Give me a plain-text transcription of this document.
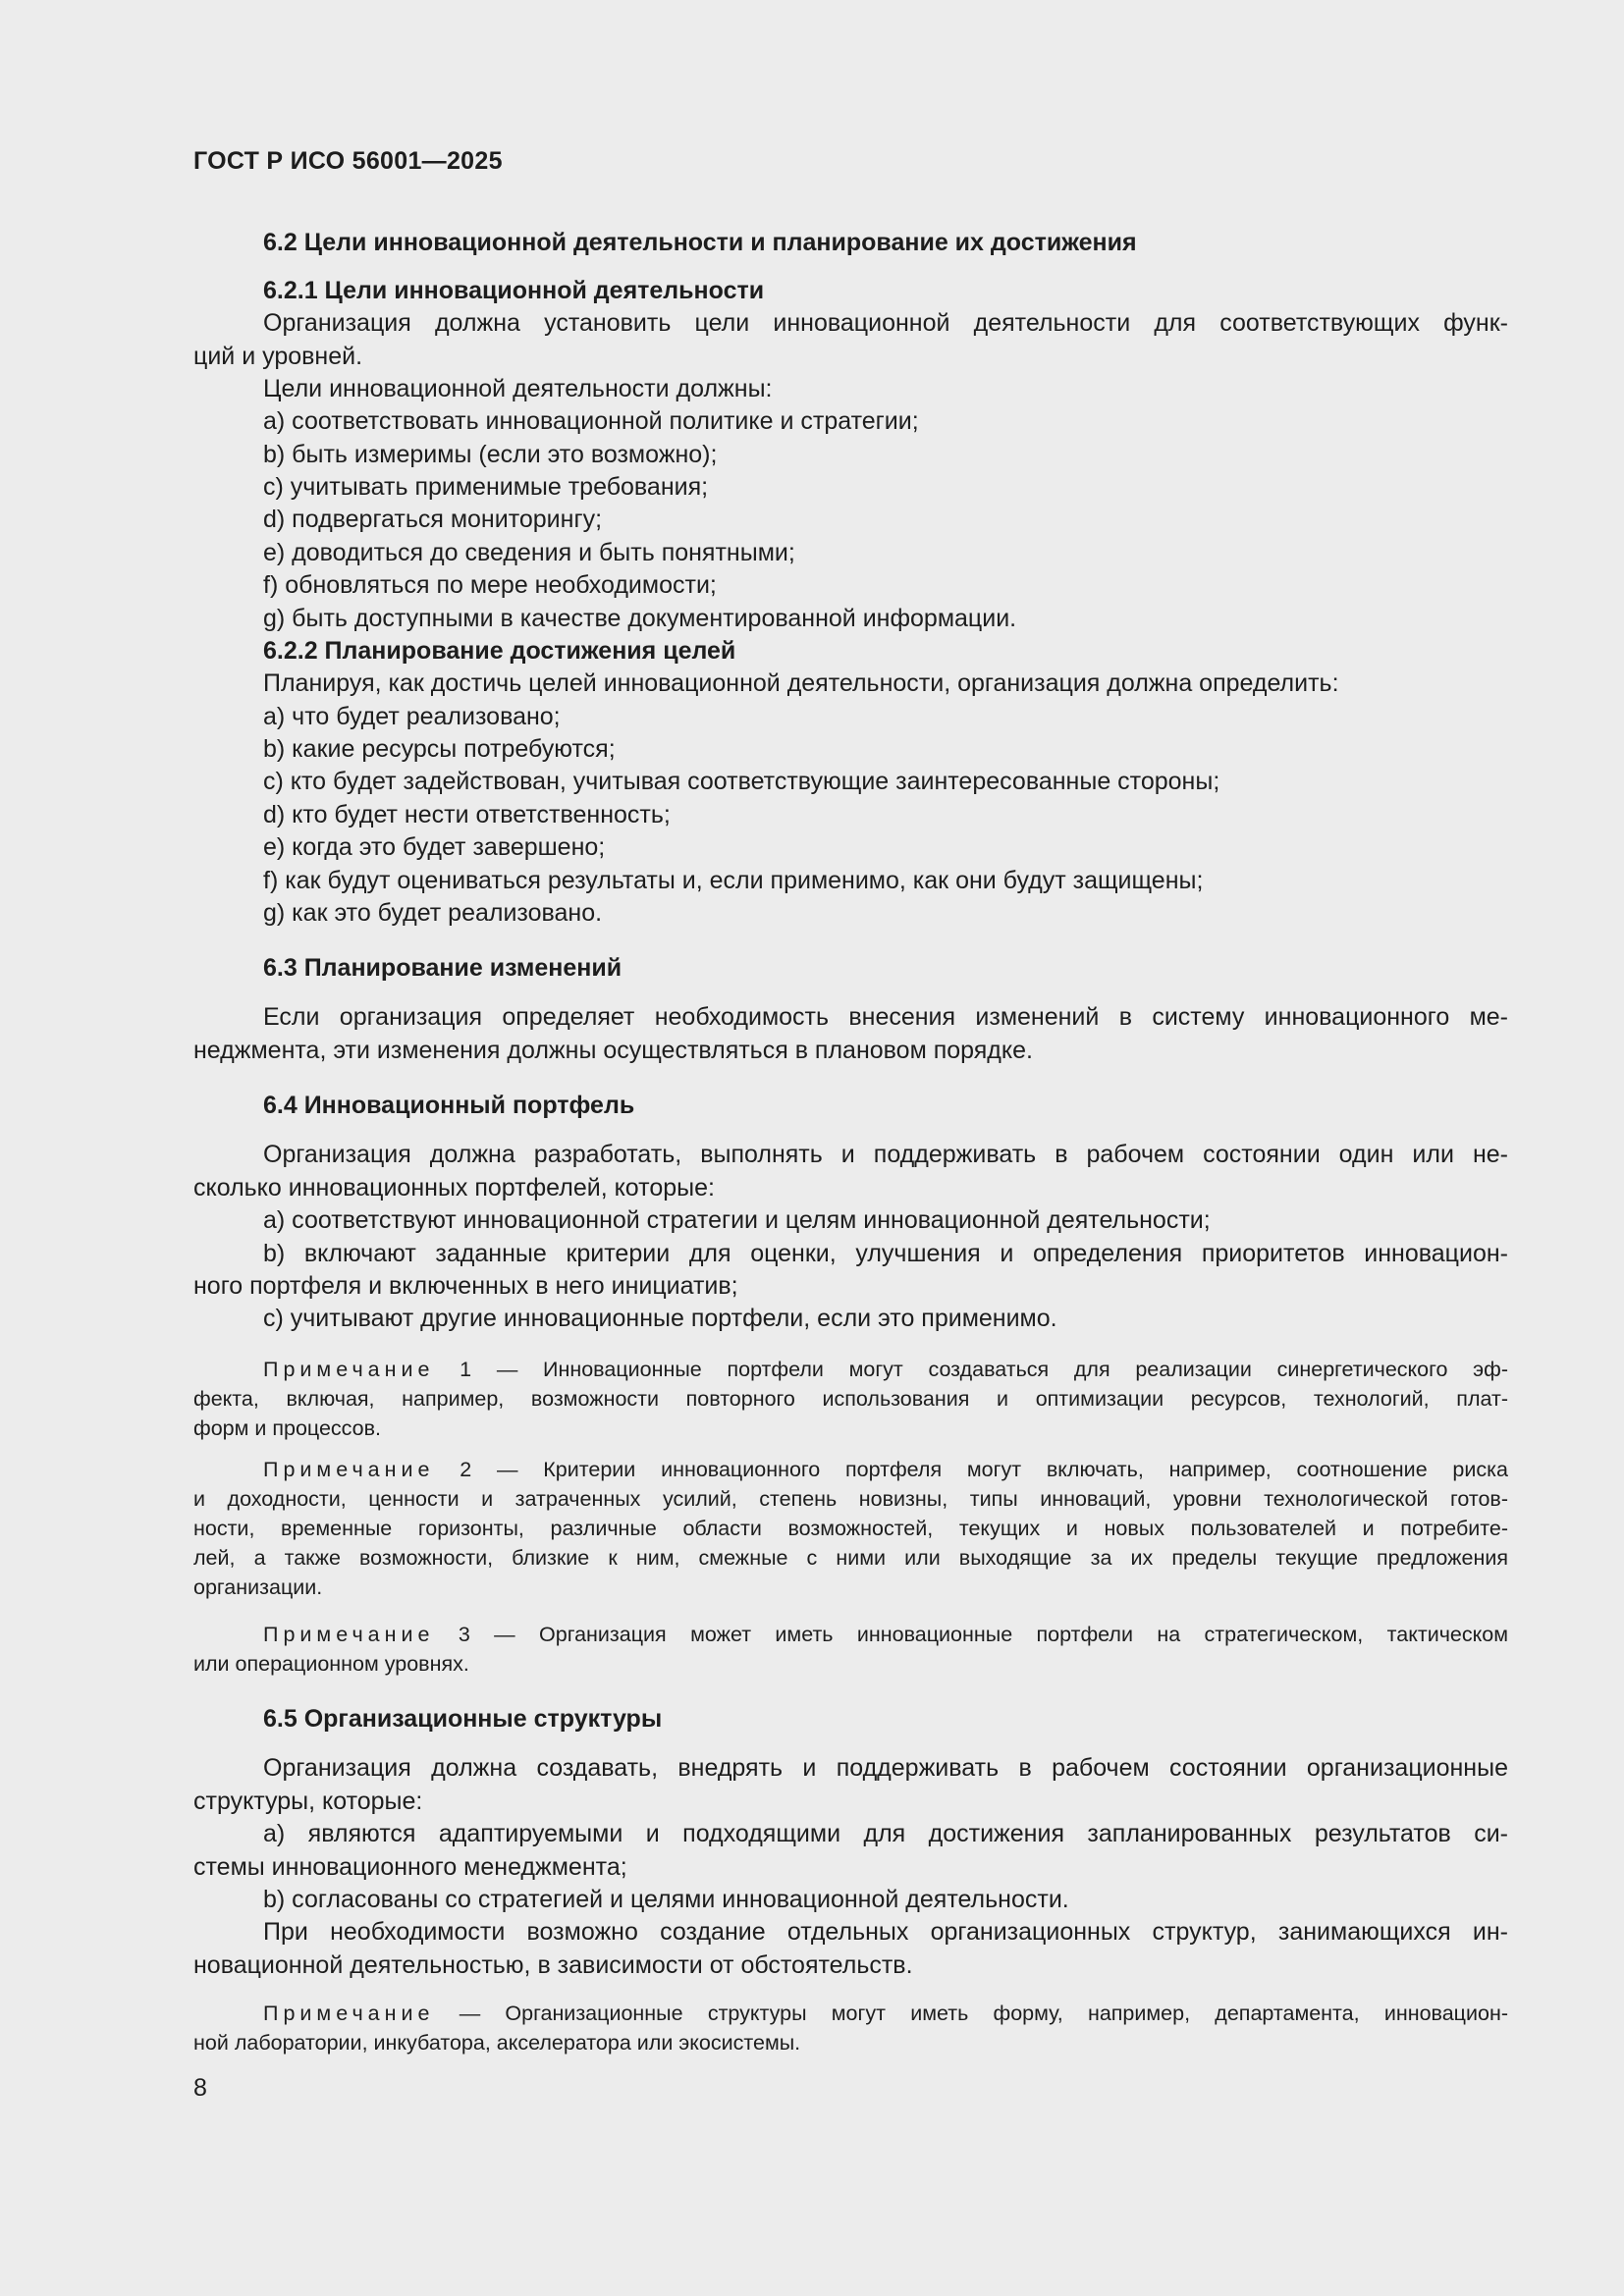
ГОСТ Р ИСО 56001—2025
6.2 Цели инновационной деятельности и планирование их достижения
6.2.1 Цели инновационной деятельности
Организация должна установить цели инновационной деятельности для соответствующих функ-
ций и уровней.
Цели инновационной деятельности должны:
a) соответствовать инновационной политике и стратегии;
b) быть измеримы (если это возможно);
c) учитывать применимые требования;
d) подвергаться мониторингу;
e) доводиться до сведения и быть понятными;
f) обновляться по мере необходимости;
g) быть доступными в качестве документированной информации.
6.2.2 Планирование достижения целей
Планируя, как достичь целей инновационной деятельности, организация должна определить:
a) что будет реализовано;
b) какие ресурсы потребуются;
c) кто будет задействован, учитывая соответствующие заинтересованные стороны;
d) кто будет нести ответственность;
e) когда это будет завершено;
f) как будут оцениваться результаты и, если применимо, как они будут защищены;
g) как это будет реализовано.
6.3 Планирование изменений
Если организация определяет необходимость внесения изменений в систему инновационного ме-
неджмента, эти изменения должны осуществляться в плановом порядке.
6.4 Инновационный портфель
Организация должна разработать, выполнять и поддерживать в рабочем состоянии один или не-
сколько инновационных портфелей, которые:
a) соответствуют инновационной стратегии и целям инновационной деятельности;
b) включают заданные критерии для оценки, улучшения и определения приоритетов инновацион-
ного портфеля и включенных в него инициатив;
c) учитывают другие инновационные портфели, если это применимо.
Примечание 1 — Инновационные портфели могут создаваться для реализации синергетического эф-
фекта, включая, например, возможности повторного использования и оптимизации ресурсов, технологий, плат-
форм и процессов.
Примечание 2 — Критерии инновационного портфеля могут включать, например, соотношение риска
и доходности, ценности и затраченных усилий, степень новизны, типы инноваций, уровни технологической готов-
ности, временные горизонты, различные области возможностей, текущих и новых пользователей и потребите-
лей, а также возможности, близкие к ним, смежные с ними или выходящие за их пределы текущие предложения
организации.
Примечание 3 — Организация может иметь инновационные портфели на стратегическом, тактическом
или операционном уровнях.
6.5 Организационные структуры
Организация должна создавать, внедрять и поддерживать в рабочем состоянии организационные
структуры, которые:
a) являются адаптируемыми и подходящими для достижения запланированных результатов си-
стемы инновационного менеджмента;
b) согласованы со стратегией и целями инновационной деятельности.
При необходимости возможно создание отдельных организационных структур, занимающихся ин-
новационной деятельностью, в зависимости от обстоятельств.
Примечание — Организационные структуры могут иметь форму, например, департамента, инновацион-
ной лаборатории, инкубатора, акселератора или экосистемы.
8
